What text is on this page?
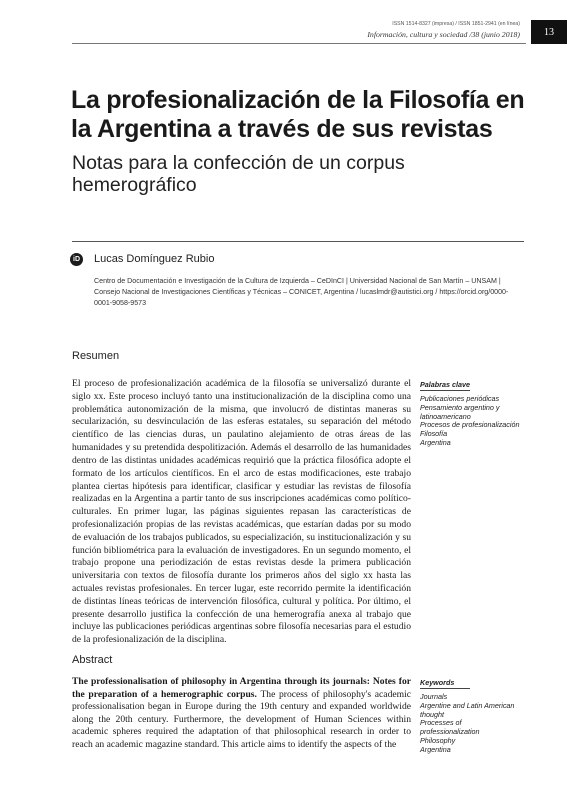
ISSN 1514-8327 (impresa) / ISSN 1851-2941 (en línea)
Información, cultura y sociedad /38 (junio 2018)	13
La profesionalización de la Filosofía en la Argentina a través de sus revistas
Notas para la confección de un corpus hemerográfico
iD Lucas Domínguez Rubio
Centro de Documentación e Investigación de la Cultura de Izquierda – CeDInCI | Universidad Nacional de San Martín – UNSAM | Consejo Nacional de Investigaciones Científicas y Técnicas – CONICET, Argentina / lucaslmdr@autistici.org / https://orcid.org/0000-0001-9058-9573
Resumen
El proceso de profesionalización académica de la filosofía se universalizó durante el siglo xx. Este proceso incluyó tanto una institucionalización de la disciplina como una problemática autonomización de la misma, que involucró de distintas maneras su secularización, su desvinculación de las esferas estatales, su separación del método científico de las ciencias duras, un paulatino alejamiento de otras áreas de las humanidades y su pretendida despolitización. Además el desarrollo de las humanidades dentro de las distintas unidades académicas requirió que la práctica filosófica adopte el formato de los artículos científicos. En el arco de estas modificaciones, este trabajo plantea ciertas hipótesis para identificar, clasificar y estudiar las revistas de filosofía realizadas en la Argentina a partir tanto de sus inscripciones académicas como político-culturales. En primer lugar, las páginas siguientes repasan las características de profesionalización propias de las revistas académicas, que estarían dadas por su modo de evaluación de los trabajos publicados, su especialización, su institucionalización y su función bibliométrica para la evaluación de investigadores. En un segundo momento, el trabajo propone una periodización de estas revistas desde la primera publicación universitaria con textos de filosofía durante los primeros años del siglo xx hasta las actuales revistas profesionales. En tercer lugar, este recorrido permite la identificación de distintas líneas teóricas de intervención filosófica, cultural y política. Por último, el presente desarrollo justifica la confección de una hemerografía anexa al trabajo que incluye las publicaciones periódicas argentinas sobre filosofía necesarias para el estudio de la profesionalización de la disciplina.
Palabras clave
Publicaciones periódicas
Pensamiento argentino y latinoamericano
Procesos de profesionalización
Filosofía
Argentina
Abstract
The professionalisation of philosophy in Argentina through its journals: Notes for the preparation of a hemerographic corpus. The process of philosophy's academic professionalisation began in Europe during the 19th century and expanded worldwide along the 20th century. Furthermore, the development of Human Sciences within academic spheres required the adaptation of that philosophical research in order to reach an academic magazine standard. This article aims to identify the aspects of the
Keywords
Journals
Argentine and Latin American thought
Processes of professionalization
Philosophy
Argentina
